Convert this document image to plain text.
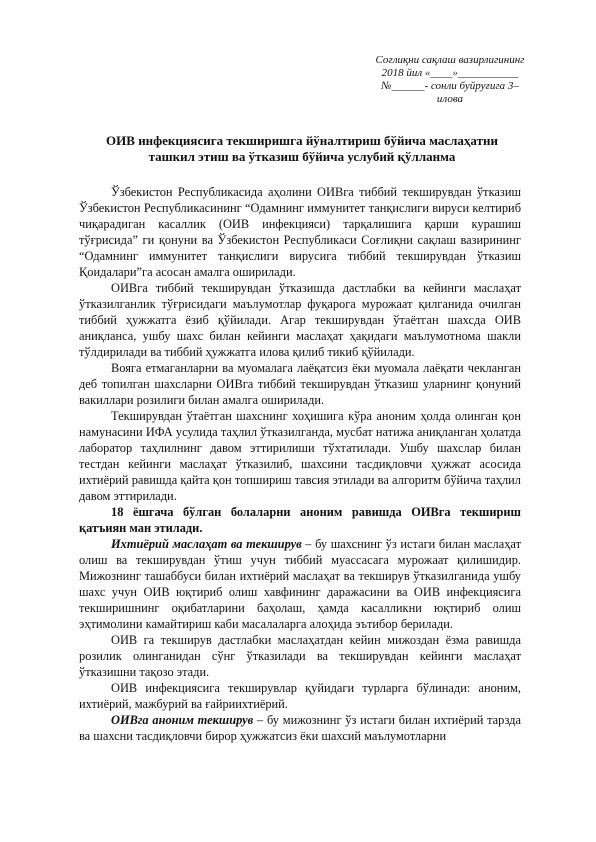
Соғлиқни сақлаш вазирлигининг
2018 йил «____»___________
№______- сонли буйруғига 3–
илова
ОИВ инфекциясига текширишга йўналтириш бўйича маслаҳатни
ташкил этиш ва ўтказиш бўйича услубий қўлланма

Ўзбекистон Республикасида аҳолини ОИВга тиббий текширувдан ўтказиш Ўзбекистон Республикасининг “Одамнинг иммунитет танқислиги вируси келтириб чиқарадиган касаллик (ОИВ инфекцияси) тарқалишига қарши курашиш тўғрисида” ги қонуни ва Ўзбекистон Республикаси Соғлиқни сақлаш вазирининг “Одамнинг иммунитет танқислиги вирусига тиббий текширувдан ўтказиш Қоидалари”га асосан амалга оширилади.

ОИВга тиббий текширувдан ўтказишда дастлабки ва кейинги маслаҳат ўтказилганлик тўғрисидаги маълумотлар фуқарога мурожаат қилганида очилган тиббий ҳужжатга ёзиб қўйилади. Агар текширувдан ўтаётган шахсда ОИВ аниқланса, ушбу шахс билан кейинги маслаҳат ҳақидаги маълумотнома шакли тўлдирилади ва тиббий ҳужжатга илова қилиб тикиб қўйилади.

Вояга етмаганларни ва муомалага лаёқатсиз ёки муомала лаёқати чекланган деб топилган шахсларни ОИВга тиббий текширувдан ўтказиш уларнинг қонуний вакиллари розилиги билан амалга оширилади.

Текширувдан ўтаётган шахснинг хоҳишига кўра аноним ҳолда олинган қон намунасини ИФА усулида таҳлил ўтказилганда, мусбат натижа аниқланган ҳолатда лаборатор таҳлилнинг давом эттирилиши тўхтатилади. Ушбу шахслар билан тестдан кейинги маслаҳат ўтказилиб, шахсини тасдиқловчи ҳужжат асосида ихтиёрий равишда қайта қон топшириш тавсия этилади ва алгоритм бўйича таҳлил давом эттирилади.

18 ёшгача бўлган болаларни аноним равишда ОИВга текшириш қатъиян ман этилади.

Ихтиёрий маслаҳат ва текширув – бу шахснинг ўз истаги билан маслаҳат олиш ва текширувдан ўтиш учун тиббий муассасага мурожаат қилишидир. Мижознинг ташаббуси билан ихтиёрий маслаҳат ва текширув ўтказилганида ушбу шахс учун ОИВ юқтириб олиш хавфининг даражасини ва ОИВ инфекциясига текширишнинг оқибатларини баҳолаш, ҳамда касалликни юқтириб олиш эҳтимолини камайтириш каби масалаларга алоҳида эътибор берилади.

ОИВ га текширув дастлабки маслаҳатдан кейин мижоздан ёзма равишда розилик олинганидан сўнг ўтказилади ва текширувдан кейинги маслаҳат ўтказишни тақозо этади.

ОИВ инфекциясига текширувлар қуйидаги турларга бўлинади: аноним, ихтиёрий, мажбурий ва ғайриихтиёрий.

ОИВга аноним текширув – бу мижознинг ўз истаги билан ихтиёрий тарзда ва шахсни тасдиқловчи бирор ҳужжатсиз ёки шахсий маълумотларни
